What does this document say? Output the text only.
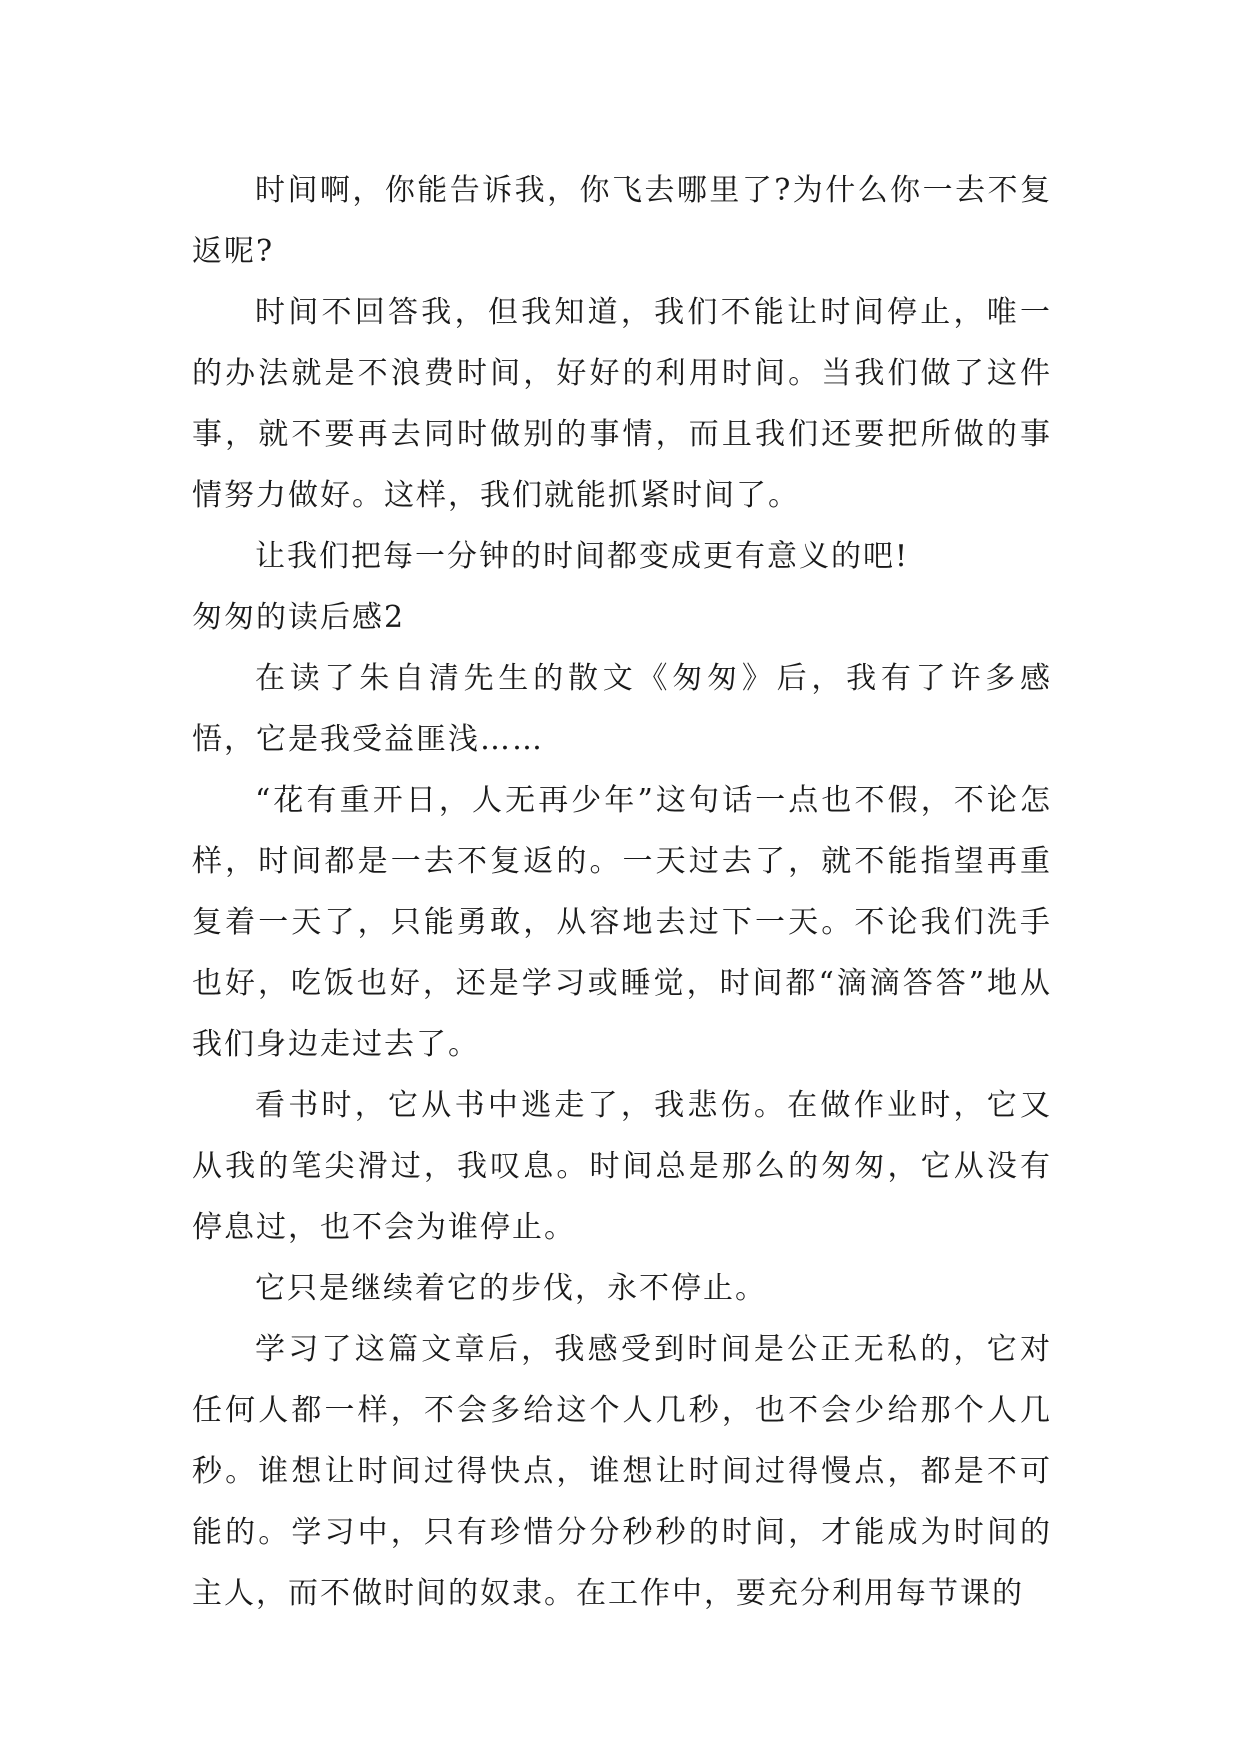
时间啊，你能告诉我，你飞去哪里了?为什么你一去不复返呢?

时间不回答我，但我知道，我们不能让时间停止，唯一的办法就是不浪费时间，好好的利用时间。当我们做了这件事，就不要再去同时做别的事情，而且我们还要把所做的事情努力做好。这样，我们就能抓紧时间了。

让我们把每一分钟的时间都变成更有意义的吧!

匆匆的读后感2

在读了朱自清先生的散文《匆匆》后，我有了许多感悟，它是我受益匪浅……

“花有重开日，人无再少年”这句话一点也不假，不论怎样，时间都是一去不复返的。一天过去了，就不能指望再重复着一天了，只能勇敢，从容地去过下一天。不论我们洗手也好，吃饭也好，还是学习或睡觉，时间都“滴滴答答”地从我们身边走过去了。

看书时，它从书中逃走了，我悲伤。在做作业时，它又从我的笔尖滑过，我叹息。时间总是那么的匆匆，它从没有停息过，也不会为谁停止。

它只是继续着它的步伐，永不停止。

学习了这篇文章后，我感受到时间是公正无私的，它对任何人都一样，不会多给这个人几秒，也不会少给那个人几秒。谁想让时间过得快点，谁想让时间过得慢点，都是不可能的。学习中，只有珍惜分分秒秒的时间，才能成为时间的主人，而不做时间的奴隶。在工作中，要充分利用每节课的
